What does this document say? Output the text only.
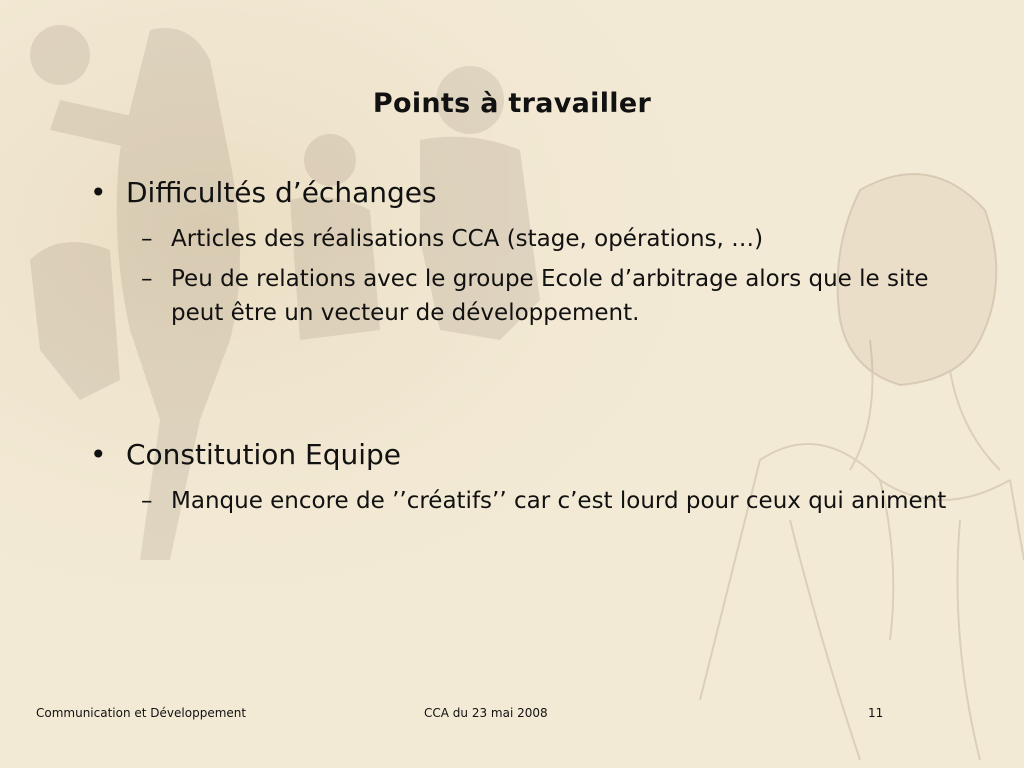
Points à travailler
• Difficultés d’échanges
– Articles des réalisations CCA (stage, opérations, …)
– Peu de relations avec le groupe Ecole d’arbitrage alors que le site peut être un vecteur de développement.
• Constitution Equipe
– Manque encore de ’’créatifs’’ car c’est lourd pour ceux qui animent
Communication et Développement	CCA du 23 mai 2008	11
